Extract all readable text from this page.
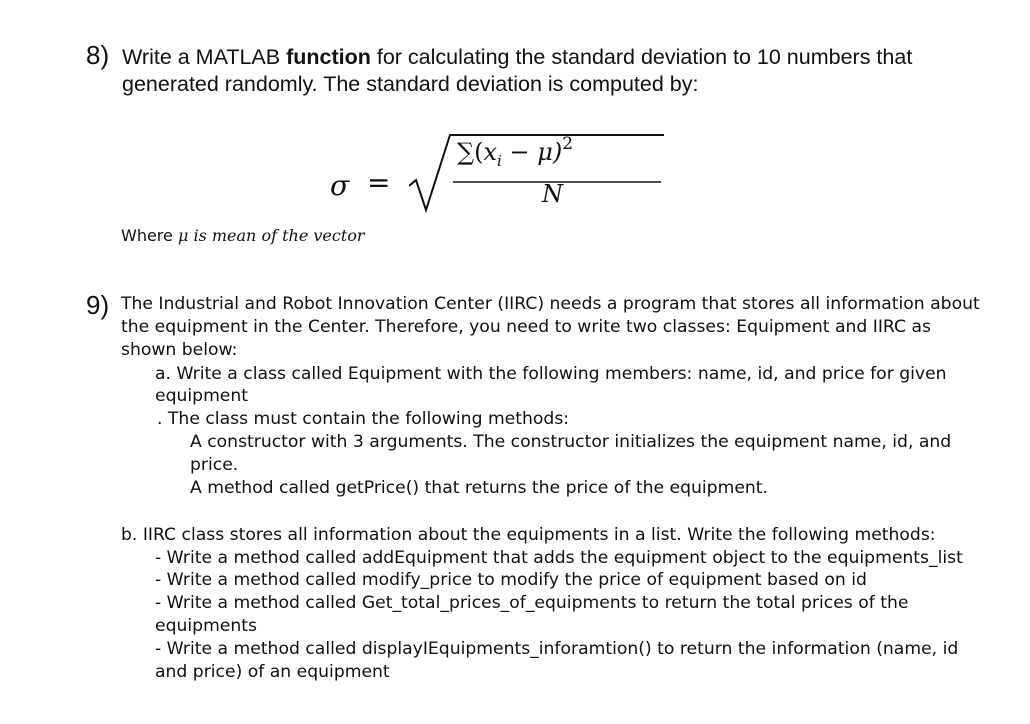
8) Write a MATLAB function for calculating the standard deviation to 10 numbers that
generated randomly. The standard deviation is computed by:
σ =
$\sum(x_i - \mu)^2$
N
Where μ is mean of the vector
9) The Industrial and Robot Innovation Center (IIRC) needs a program that stores all information about
the equipment in the Center. Therefore, you need to write two classes: Equipment and IIRC as
shown below:
a. Write a class called Equipment with the following members: name, id, and price for given
equipment
. The class must contain the following methods:
A constructor with 3 arguments. The constructor initializes the equipment name, id, and
price.
A method called getPrice() that returns the price of the equipment.
b. IIRC class stores all information about the equipments in a list. Write the following methods:
- Write a method called addEquipment that adds the equipment object to the equipments_list
- Write a method called modify_price to modify the price of equipment based on id
- Write a method called Get_total_prices_of_equipments to return the total prices of the
equipments
- Write a method called displayIEquipments_inforamtion() to return the information (name, id
and price) of an equipment
